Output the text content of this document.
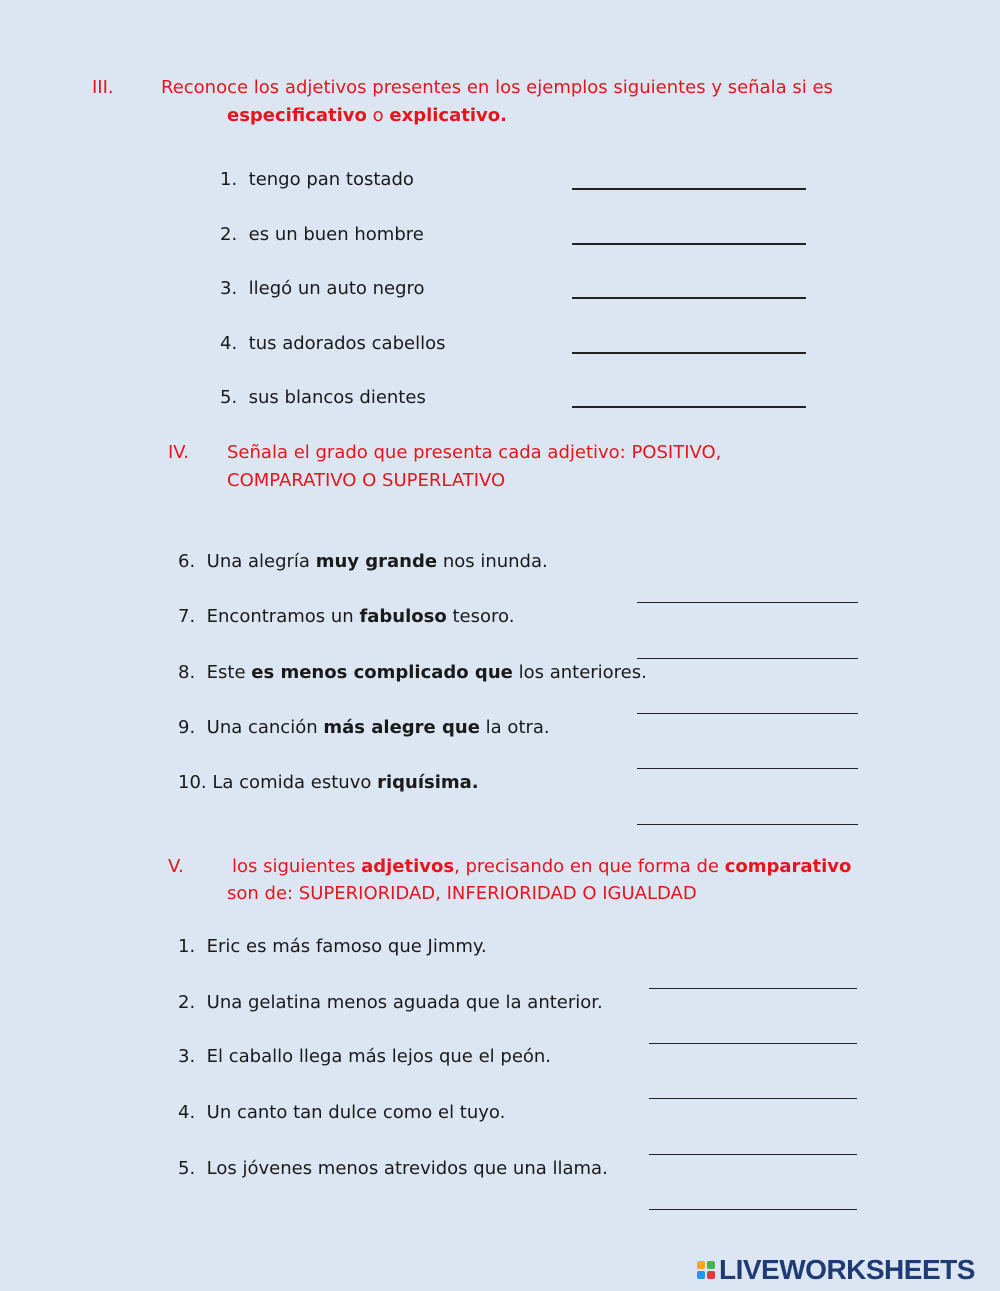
III.	Reconoce los adjetivos presentes en los ejemplos siguientes y señala si es
especificativo o explicativo.
1. tengo pan tostado
2. es un buen hombre
3. llegó un auto negro
4. tus adorados cabellos
5. sus blancos dientes
IV. Señala el grado que presenta cada adjetivo: POSITIVO,
COMPARATIVO O SUPERLATIVO
6. Una alegría muy grande nos inunda.
7. Encontramos un fabuloso tesoro.
8. Este es menos complicado que los anteriores.
9. Una canción más alegre que la otra.
10. La comida estuvo riquísima.
V.	los siguientes adjetivos, precisando en que forma de comparativo
son de: SUPERIORIDAD, INFERIORIDAD O IGUALDAD
1. Eric es más famoso que Jimmy.
2. Una gelatina menos aguada que la anterior.
3. El caballo llega más lejos que el peón.
4. Un canto tan dulce como el tuyo.
5. Los jóvenes menos atrevidos que una llama.
LIVEWORKSHEETS
